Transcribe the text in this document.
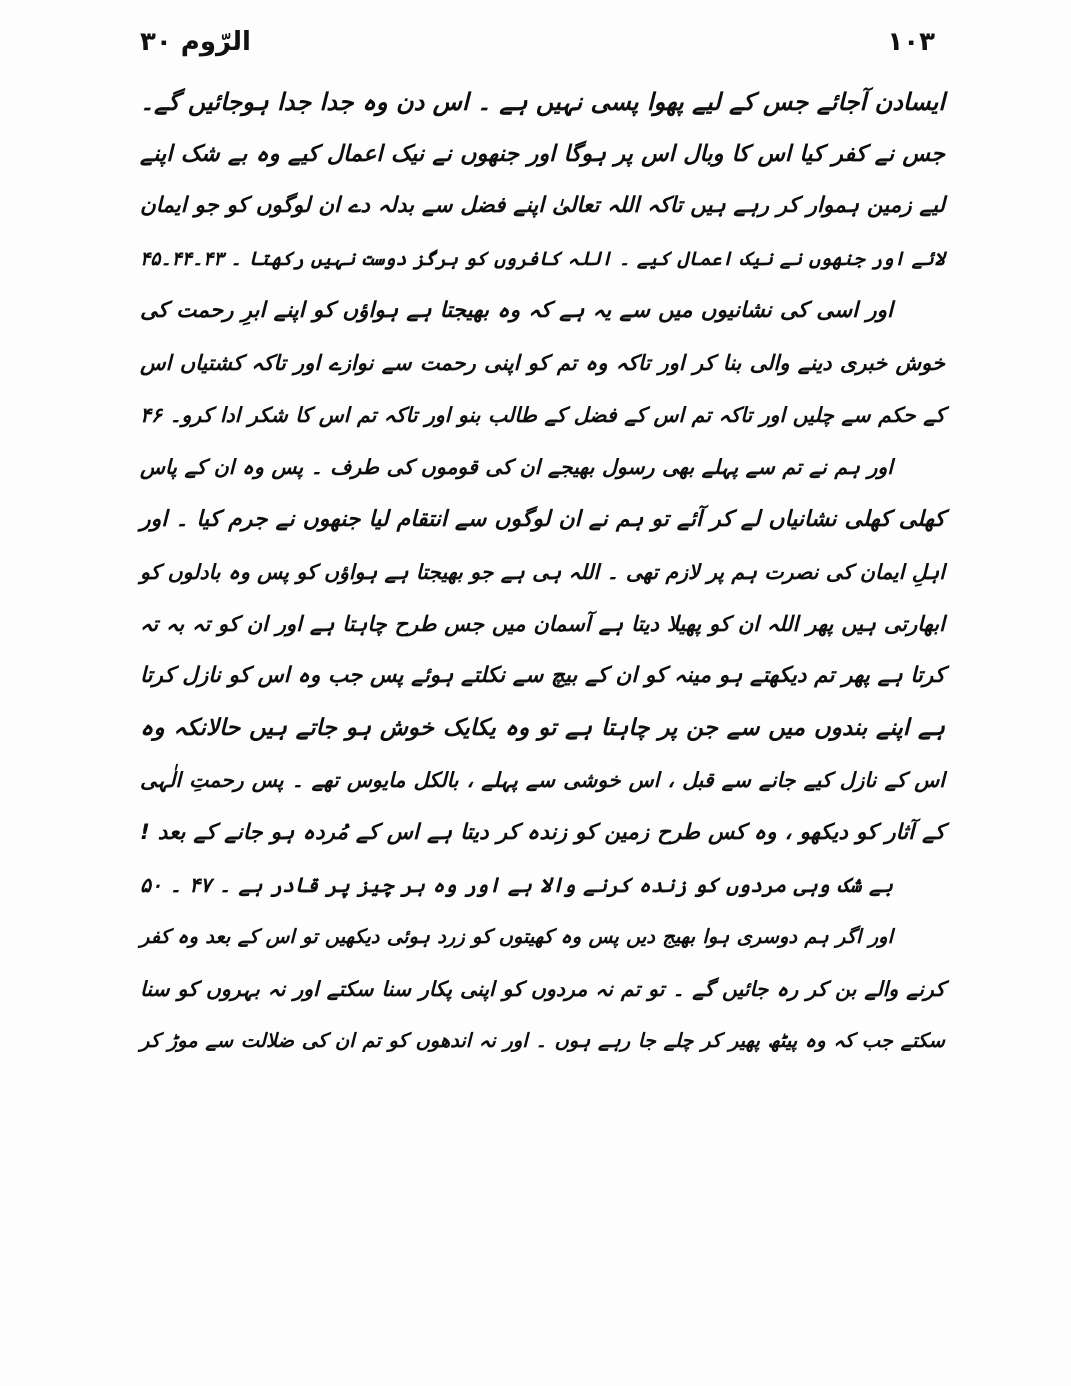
۱۰۳
الرّوم ۳۰
ایسادن آجائے جس کے لیے پھوا پسی نہیں ہے ۔ اس دن وہ جدا جدا ہوجائیں گے۔
جس نے کفر کیا اس کا وبال اس پر ہوگا اور جنھوں نے نیک اعمال کیے وہ بے شک اپنے
لیے زمین ہموار کر رہے ہیں تاکہ اللہ تعالیٰ اپنے فضل سے بدلہ دے ان لوگوں کو جو ایمان
لائے اور جنھوں نے نیک اعمال کیے ۔ اللہ کافروں کو ہرگز دوست نہیں رکھتا ۔ ۴۳۔۴۴۔۴۵
اور اسی کی نشانیوں میں سے یہ ہے کہ وہ بھیجتا ہے ہواؤں کو اپنے ابرِ رحمت کی
خوش خبری دینے والی بنا کر اور تاکہ وہ تم کو اپنی رحمت سے نوازے اور تاکہ کشتیاں اس
کے حکم سے چلیں اور تاکہ تم اس کے فضل کے طالب بنو اور تاکہ تم اس کا شکر ادا کرو۔ ۴۶
اور ہم نے تم سے پہلے بھی رسول بھیجے ان کی قوموں کی طرف ۔ پس وہ ان کے پاس
کھلی کھلی نشانیاں لے کر آئے تو ہم نے ان لوگوں سے انتقام لیا جنھوں نے جرم کیا ۔ اور
اہلِ ایمان کی نصرت ہم پر لازم تھی ۔ اللہ ہی ہے جو بھیجتا ہے ہواؤں کو پس وہ بادلوں کو
ابھارتی ہیں پھر اللہ ان کو پھیلا دیتا ہے آسمان میں جس طرح چاہتا ہے اور ان کو تہ بہ تہ
کرتا ہے پھر تم دیکھتے ہو مینہ کو ان کے بیچ سے نکلتے ہوئے پس جب وہ اس کو نازل کرتا
ہے اپنے بندوں میں سے جن پر چاہتا ہے تو وہ یکایک خوش ہو جاتے ہیں حالانکہ وہ
اس کے نازل کیے جانے سے قبل ، اس خوشی سے پہلے ، بالکل مایوس تھے ۔ پس رحمتِ الٰہی
کے آثار کو دیکھو ، وہ کس طرح زمین کو زندہ کر دیتا ہے اس کے مُردہ ہو جانے کے بعد !
بے شک وہی مردوں کو زندہ کرنے والا ہے اور وہ ہر چیز پر قادر ہے ۔ ۴۷ ۔ ۵۰
اور اگر ہم دوسری ہوا بھیج دیں پس وہ کھیتوں کو زرد ہوئی دیکھیں تو اس کے بعد وہ کفر
کرنے والے بن کر رہ جائیں گے ۔ تو تم نہ مردوں کو اپنی پکار سنا سکتے اور نہ بہروں کو سنا
سکتے جب کہ وہ پیٹھ پھیر کر چلے جا رہے ہوں ۔ اور نہ اندھوں کو تم ان کی ضلالت سے موڑ کر
